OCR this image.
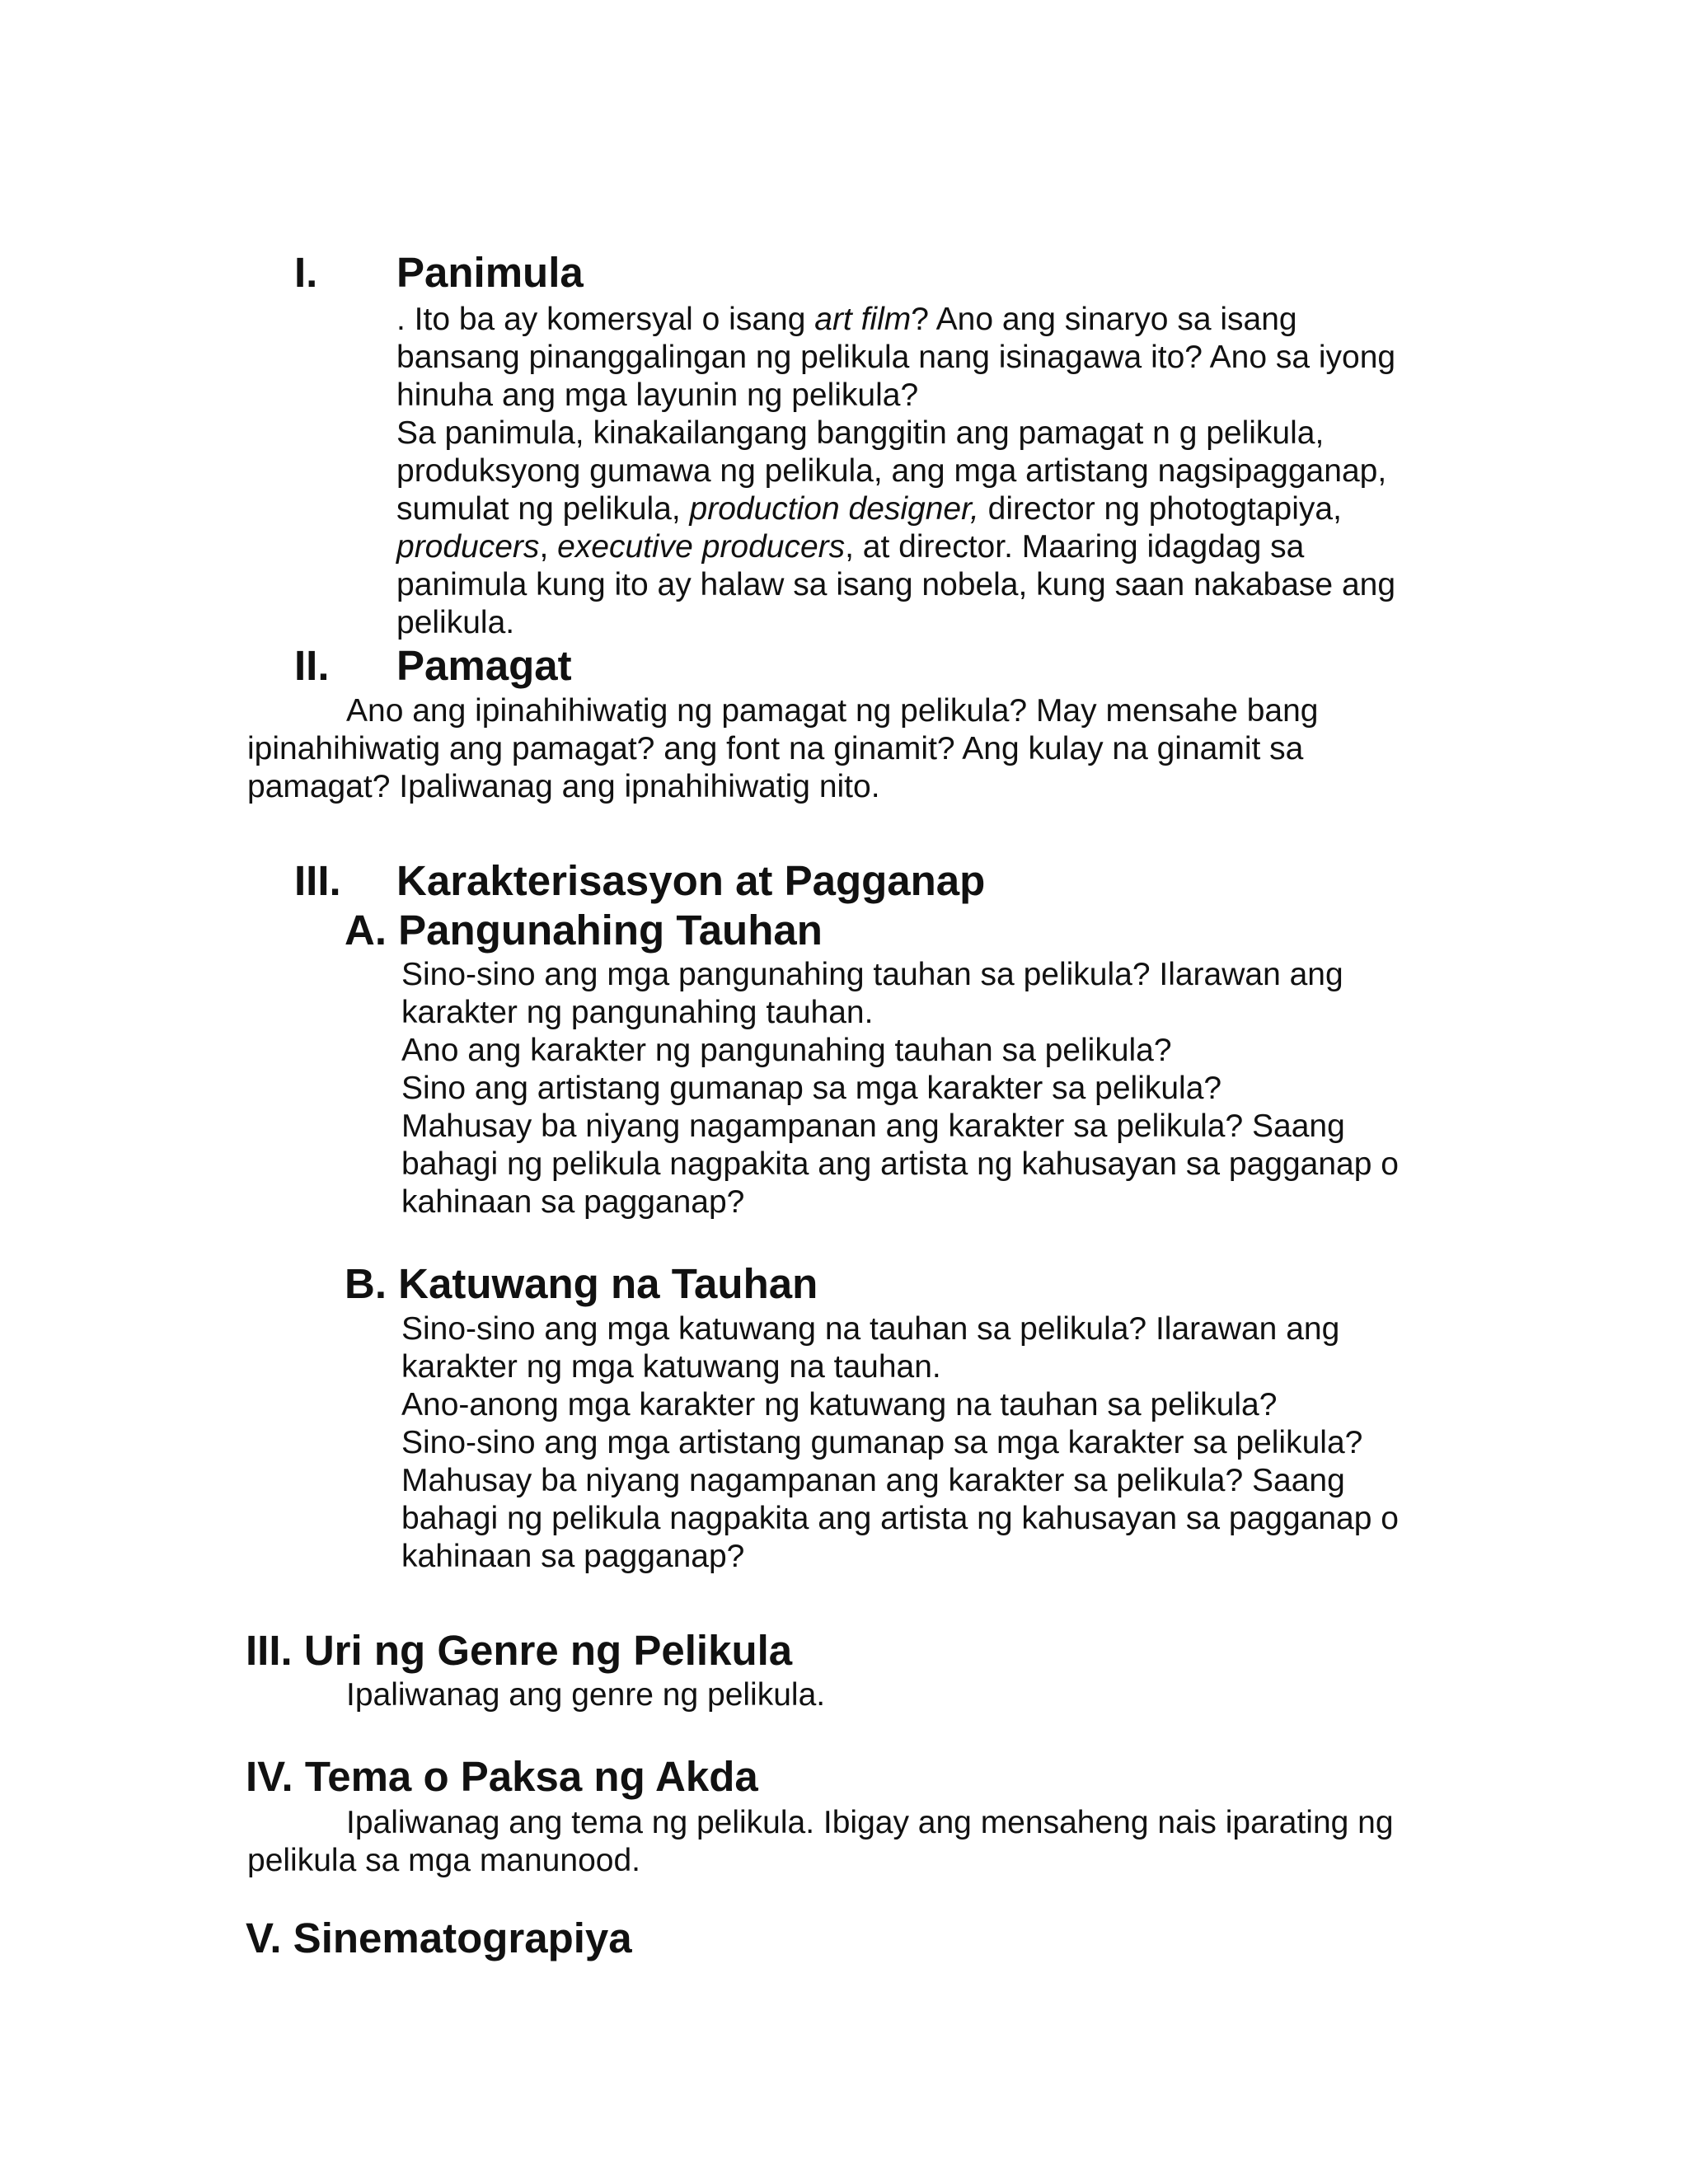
I. Panimula
. Ito ba ay komersyal o isang art film? Ano ang sinaryo sa isang
bansang pinanggalingan ng pelikula nang isinagawa ito? Ano sa iyong
hinuha ang mga layunin ng pelikula?
Sa panimula, kinakailangang banggitin ang pamagat n g pelikula,
produksyong gumawa ng pelikula, ang mga artistang nagsipagganap,
sumulat ng pelikula, production designer, director ng photogtapiya,
producers, executive producers, at director. Maaring idagdag sa
panimula kung ito ay halaw sa isang nobela, kung saan nakabase ang
pelikula.
II. Pamagat
Ano ang ipinahihiwatig ng pamagat ng pelikula? May mensahe bang
ipinahihiwatig ang pamagat? ang font na ginamit? Ang kulay na ginamit sa
pamagat? Ipaliwanag ang ipnahihiwatig nito.
III. Karakterisasyon at Pagganap
A. Pangunahing Tauhan
Sino-sino ang mga pangunahing tauhan sa pelikula? Ilarawan ang
karakter ng pangunahing tauhan.
Ano ang karakter ng pangunahing tauhan sa pelikula?
Sino ang artistang gumanap sa mga karakter sa pelikula?
Mahusay ba niyang nagampanan ang karakter sa pelikula? Saang
bahagi ng pelikula nagpakita ang artista ng kahusayan sa pagganap o
kahinaan sa pagganap?
B. Katuwang na Tauhan
Sino-sino ang mga katuwang na tauhan sa pelikula? Ilarawan ang
karakter ng mga katuwang na tauhan.
Ano-anong mga karakter ng katuwang na tauhan sa pelikula?
Sino-sino ang mga artistang gumanap sa mga karakter sa pelikula?
Mahusay ba niyang nagampanan ang karakter sa pelikula? Saang
bahagi ng pelikula nagpakita ang artista ng kahusayan sa pagganap o
kahinaan sa pagganap?
III. Uri ng Genre ng Pelikula
Ipaliwanag ang genre ng pelikula.
IV. Tema o Paksa ng Akda
Ipaliwanag ang tema ng pelikula. Ibigay ang mensaheng nais iparating ng
pelikula sa mga manunood.
V. Sinematograpiya
